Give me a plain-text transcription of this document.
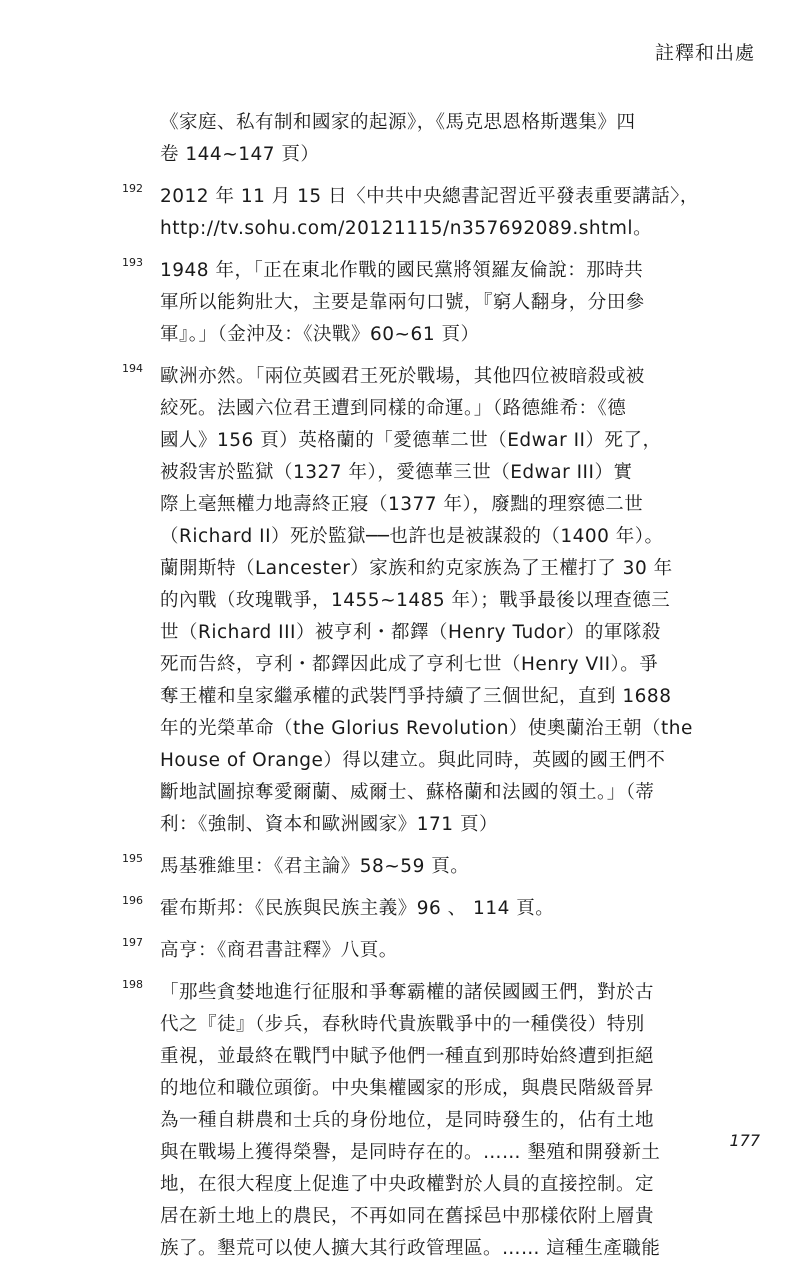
註釋和出處
《家庭、私有制和國家的起源》，《馬克思恩格斯選集》四
卷 144~147 頁）
192 2012 年 11 月 15 日〈中共中央總書記習近平發表重要講話〉，
http://tv.sohu.com/20121115/n357692089.shtml。
193 1948 年，「正在東北作戰的國民黨將領羅友倫說：那時共
軍所以能夠壯大，主要是靠兩句口號，『窮人翻身，分田參
軍』。」（金沖及：《決戰》60~61 頁）
194 歐洲亦然。「兩位英國君王死於戰場，其他四位被暗殺或被
絞死。法國六位君王遭到同樣的命運。」（路德維希：《德
國人》156 頁）英格蘭的「愛德華二世（Edwar II）死了，
被殺害於監獄（1327 年），愛德華三世（Edwar III）實
際上毫無權力地壽終正寢（1377 年），廢黜的理察德二世
（Richard II）死於監獄──也許也是被謀殺的（1400 年）。
蘭開斯特（Lancester）家族和約克家族為了王權打了 30 年
的內戰（玫瑰戰爭，1455~1485 年）；戰爭最後以理查德三
世（Richard III）被亨利・都鐸（Henry Tudor）的軍隊殺
死而告終，亨利・都鐸因此成了亨利七世（Henry VII）。爭
奪王權和皇家繼承權的武裝鬥爭持續了三個世紀，直到 1688
年的光榮革命（the Glorius Revolution）使奧蘭治王朝（the
House of Orange）得以建立。與此同時，英國的國王們不
斷地試圖掠奪愛爾蘭、威爾士、蘇格蘭和法國的領土。」（蒂
利：《強制、資本和歐洲國家》171 頁）
195 馬基雅維里：《君主論》58~59 頁。
196 霍布斯邦：《民族與民族主義》96 、 114 頁。
197 高亨：《商君書註釋》八頁。
198 「那些貪婪地進行征服和爭奪霸權的諸侯國國王們，對於古
代之『徒』（步兵，春秋時代貴族戰爭中的一種僕役）特別
重視，並最終在戰鬥中賦予他們一種直到那時始終遭到拒絕
的地位和職位頭銜。中央集權國家的形成，與農民階級晉昇
為一種自耕農和士兵的身份地位，是同時發生的，佔有土地
與在戰場上獲得榮譽，是同時存在的。…… 墾殖和開發新土
地，在很大程度上促進了中央政權對於人員的直接控制。定
居在新土地上的農民，不再如同在舊採邑中那樣依附上層貴
族了。墾荒可以使人擴大其行政管理區。…… 這種生產職能
177
